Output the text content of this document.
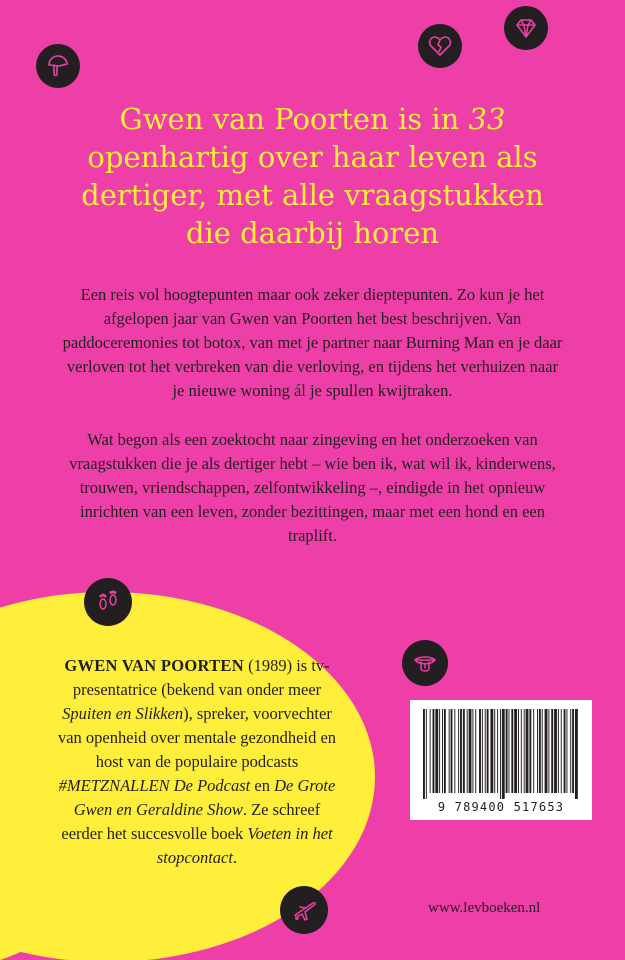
Gwen van Poorten is in 33
openhartig over haar leven als
dertiger, met alle vraagstukken
die daarbij horen
Een reis vol hoogtepunten maar ook zeker dieptepunten. Zo kun je het afgelopen jaar van Gwen van Poorten het best beschrijven. Van paddoceremonies tot botox, van met je partner naar Burning Man en je daar verloven tot het verbreken van die verloving, en tijdens het verhuizen naar je nieuwe woning ál je spullen kwijtraken.
Wat begon als een zoektocht naar zingeving en het onderzoeken van vraagstukken die je als dertiger hebt – wie ben ik, wat wil ik, kinderwens, trouwen, vriendschappen, zelfontwikkeling –, eindigde in het opnieuw inrichten van een leven, zonder bezittingen, maar met een hond en een traplift.
GWEN VAN POORTEN (1989) is tv-presentatrice (bekend van onder meer Spuiten en Slikken), spreker, voorvechter van openheid over mentale gezondheid en host van de populaire podcasts #METZNALLEN De Podcast en De Grote Gwen en Geraldine Show. Ze schreef eerder het succesvolle boek Voeten in het stopcontact.
9 789400 517653
www.levboeken.nl
